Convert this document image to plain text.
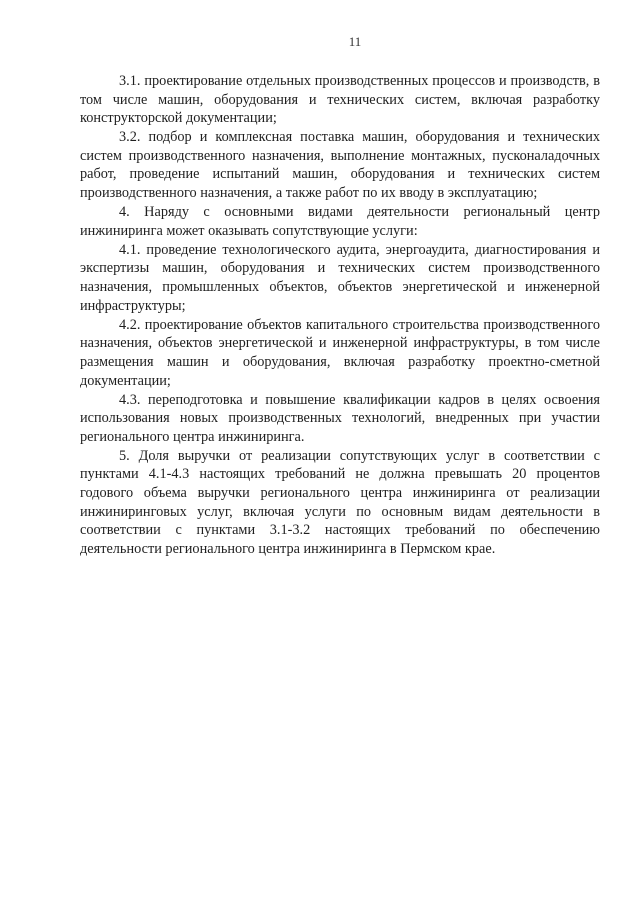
11

3.1. проектирование отдельных производственных процессов и производств, в том числе машин, оборудования и технических систем, включая разработку конструкторской документации;

3.2. подбор и комплексная поставка машин, оборудования и технических систем производственного назначения, выполнение монтажных, пусконаладочных работ, проведение испытаний машин, оборудования и технических систем производственного назначения, а также работ по их вводу в эксплуатацию;

4. Наряду с основными видами деятельности региональный центр инжиниринга может оказывать сопутствующие услуги:

4.1. проведение технологического аудита, энергоаудита, диагностирования и экспертизы машин, оборудования и технических систем производственного назначения, промышленных объектов, объектов энергетической и инженерной инфраструктуры;

4.2. проектирование объектов капитального строительства производственного назначения, объектов энергетической и инженерной инфраструктуры, в том числе размещения машин и оборудования, включая разработку проектно-сметной документации;

4.3. переподготовка и повышение квалификации кадров в целях освоения использования новых производственных технологий, внедренных при участии регионального центра инжиниринга.

5. Доля выручки от реализации сопутствующих услуг в соответствии с пунктами 4.1-4.3 настоящих требований не должна превышать 20 процентов годового объема выручки регионального центра инжиниринга от реализации инжиниринговых услуг, включая услуги по основным видам деятельности в соответствии с пунктами 3.1-3.2 настоящих требований по обеспечению деятельности регионального центра инжиниринга в Пермском крае.
